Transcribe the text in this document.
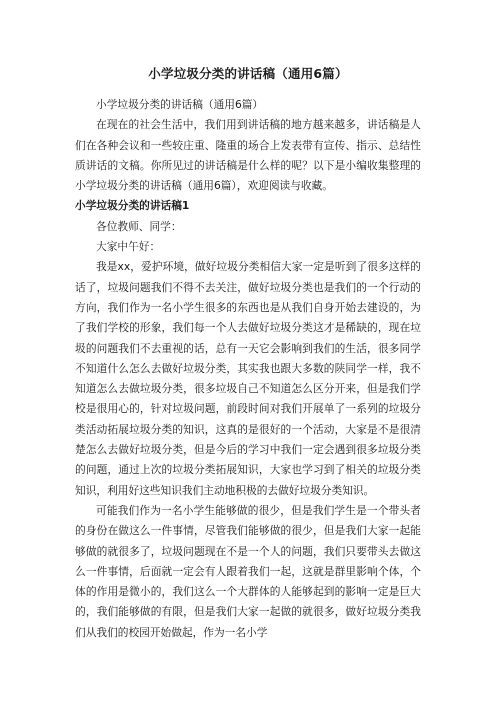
小学垃圾分类的讲话稿（通用6篇）

小学垃圾分类的讲话稿（通用6篇）

在现在的社会生活中，我们用到讲话稿的地方越来越多，讲话稿是人们在各种会议和一些较庄重、隆重的场合上发表带有宣传、指示、总结性质讲话的文稿。你所见过的讲话稿是什么样的呢？以下是小编收集整理的小学垃圾分类的讲话稿（通用6篇），欢迎阅读与收藏。

小学垃圾分类的讲话稿1

各位教师、同学：

大家中午好：

我是xx，爱护环境，做好垃圾分类相信大家一定是听到了很多这样的话了，垃圾问题我们不得不去关注，做好垃圾分类也是我们的一个行动的方向，我们作为一名小学生很多的东西也是从我们自身开始去建设的，为了我们学校的形象，我们每一个人去做好垃圾分类这才是稀缺的，现在垃圾的问题我们不去重视的话，总有一天它会影响到我们的生活，很多同学不知道什么怎么去做好垃圾分类，其实我也跟大多数的陕同学一样，我不知道怎么去做垃圾分类，很多垃圾自己不知道怎么区分开来，但是我们学校是很用心的，针对垃圾问题，前段时间对我们开展单了一系列的垃圾分类活动拓展垃圾分类的知识，这真的是很好的一个活动，大家是不是很清楚怎么去做好垃圾分类，但是今后的学习中我们一定会遇到很多垃圾分类的问题，通过上次的垃圾分类拓展知识，大家也学习到了相关的垃圾分类知识，利用好这些知识我们主动地积极的去做好垃圾分类知识。

可能我们作为一名小学生能够做的很少，但是我们学生是一个带头者的身份在做这么一件事情，尽管我们能够做的很少，但是我们大家一起能够做的就很多了，垃圾问题现在不是一个人的问题，我们只要带头去做这么一件事情，后面就一定会有人跟着我们一起，这就是群里影响个体，个体的作用是微小的，我们这么一个大群体的人能够起到的影响一定是巨大的，我们能够做的有限，但是我们大家一起做的就很多，做好垃圾分类我们从我们的校园开始做起，作为一名小学
